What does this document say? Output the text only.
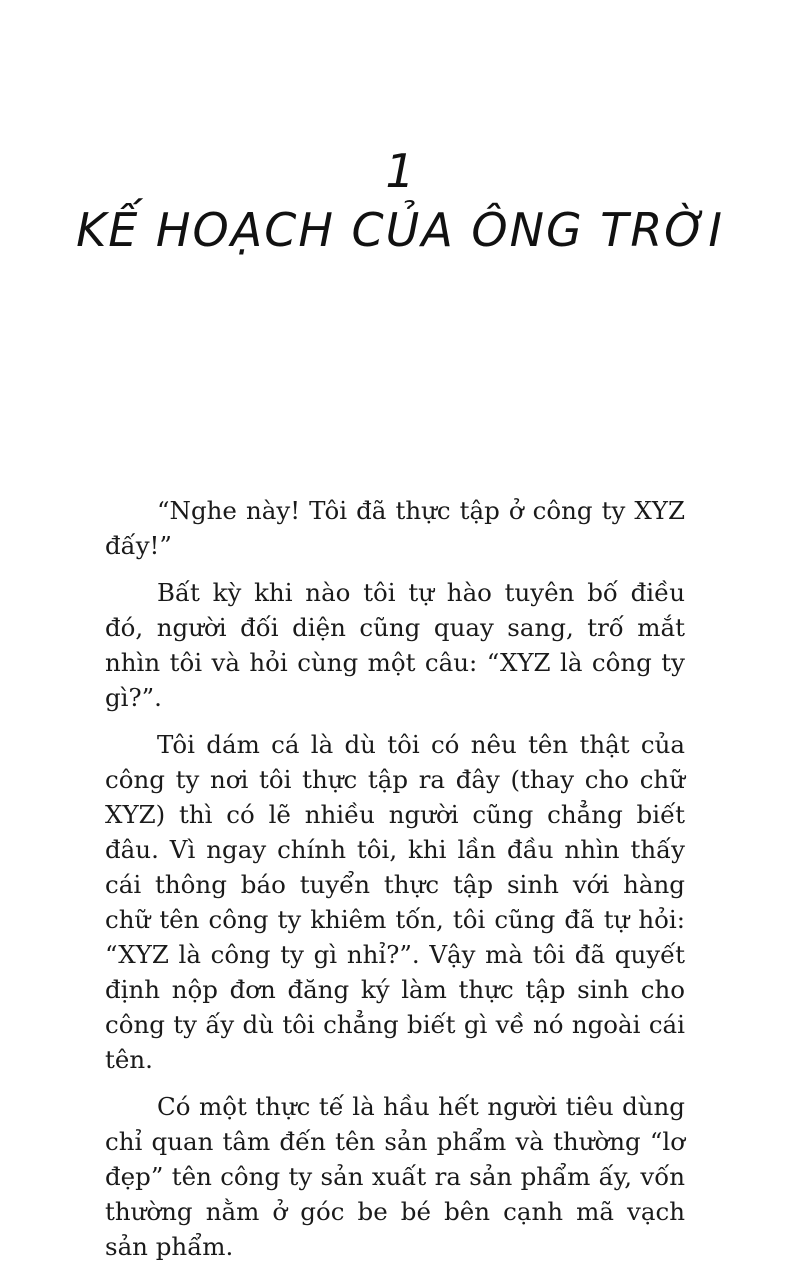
1
KẾ HOẠCH CỦA ÔNG TRỜI

“Nghe này! Tôi đã thực tập ở công ty XYZ đấy!”

Bất kỳ khi nào tôi tự hào tuyên bố điều đó, người đối diện cũng quay sang, trố mắt nhìn tôi và hỏi cùng một câu: “XYZ là công ty gì?”.

Tôi dám cá là dù tôi có nêu tên thật của công ty nơi tôi thực tập ra đây (thay cho chữ XYZ) thì có lẽ nhiều người cũng chẳng biết đâu. Vì ngay chính tôi, khi lần đầu nhìn thấy cái thông báo tuyển thực tập sinh với hàng chữ tên công ty khiêm tốn, tôi cũng đã tự hỏi: “XYZ là công ty gì nhỉ?”. Vậy mà tôi đã quyết định nộp đơn đăng ký làm thực tập sinh cho công ty ấy dù tôi chẳng biết gì về nó ngoài cái tên.

Có một thực tế là hầu hết người tiêu dùng chỉ quan tâm đến tên sản phẩm và thường “lơ đẹp” tên công ty sản xuất ra sản phẩm ấy, vốn thường nằm ở góc be bé bên cạnh mã vạch sản phẩm.
